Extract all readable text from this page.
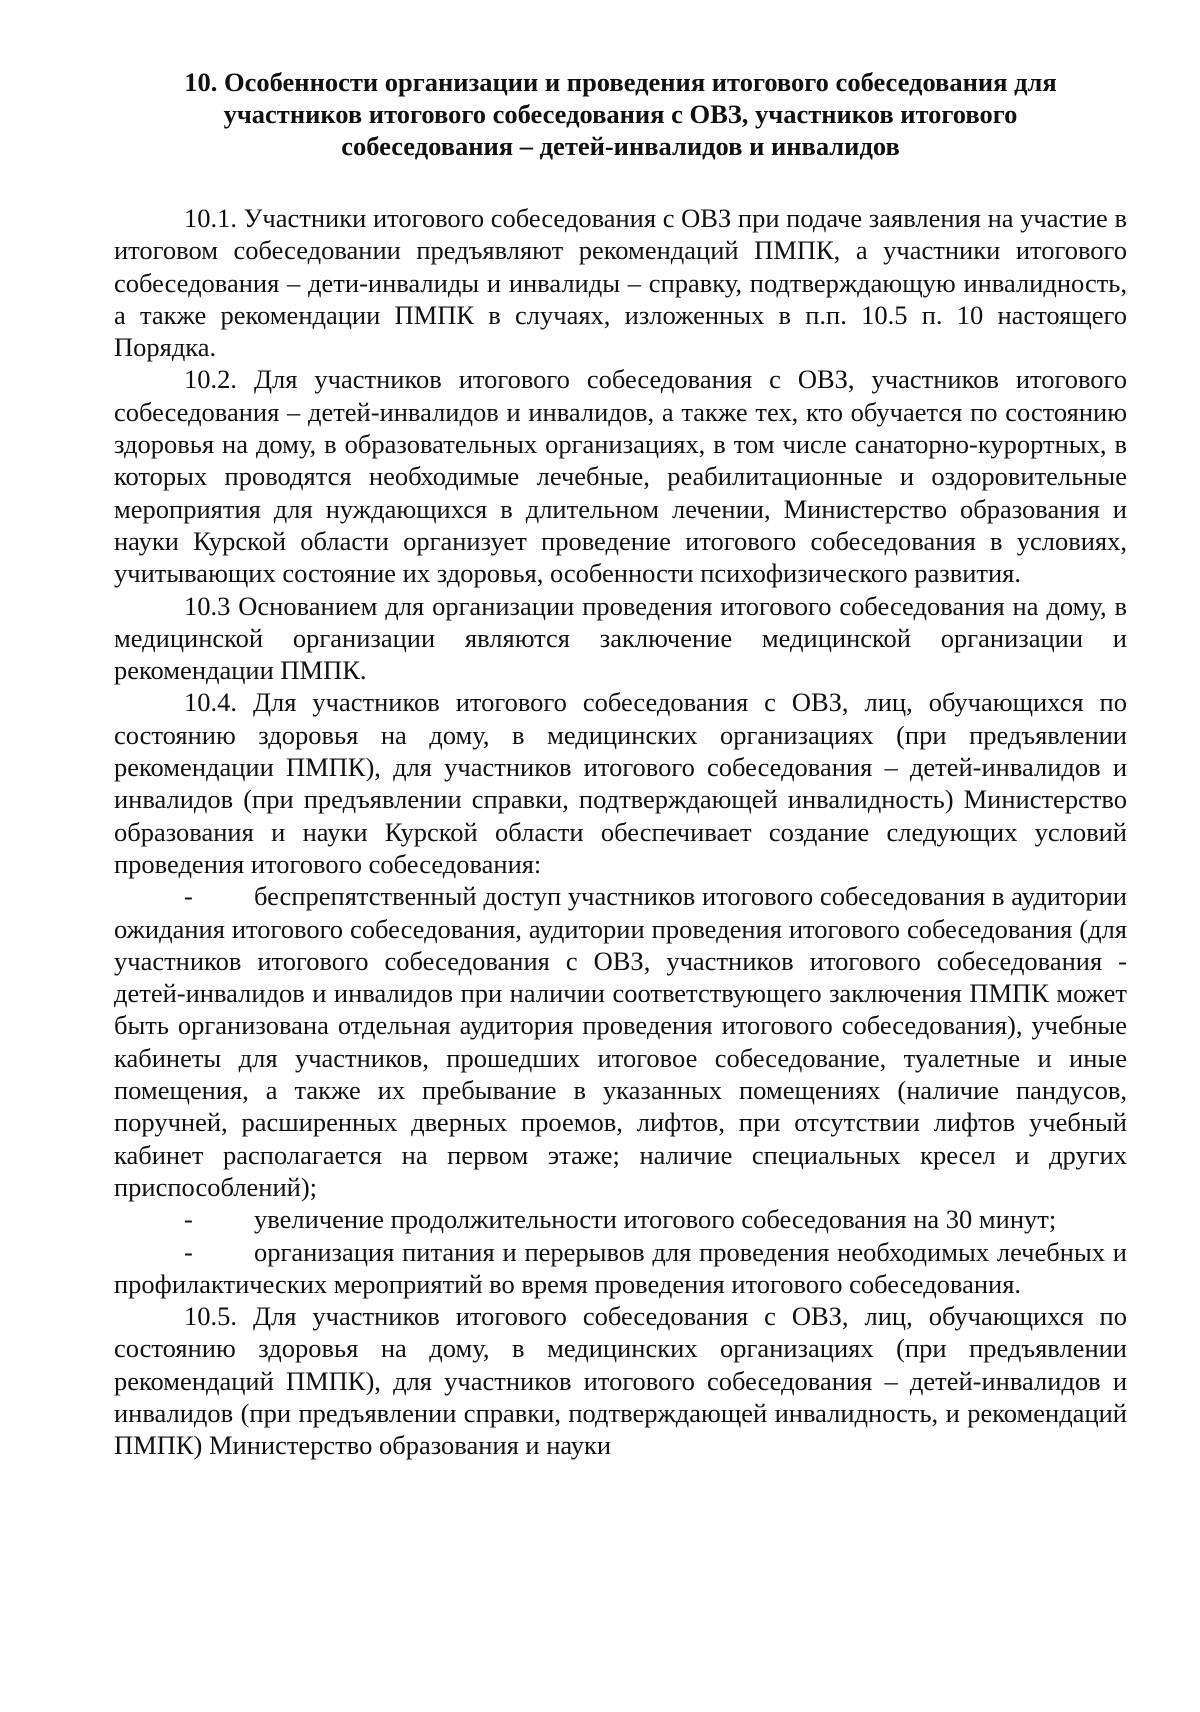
10. Особенности организации и проведения итогового собеседования для
участников итогового собеседования с ОВЗ, участников итогового
собеседования – детей-инвалидов и инвалидов

10.1. Участники итогового собеседования с ОВЗ при подаче заявления на участие в итоговом собеседовании предъявляют рекомендаций ПМПК, а участники итогового собеседования – дети-инвалиды и инвалиды – справку, подтверждающую инвалидность, а также рекомендации ПМПК в случаях, изложенных в п.п. 10.5 п. 10 настоящего Порядка.

10.2. Для участников итогового собеседования с ОВЗ, участников итогового собеседования – детей-инвалидов и инвалидов, а также тех, кто обучается по состоянию здоровья на дому, в образовательных организациях, в том числе санаторно-курортных, в которых проводятся необходимые лечебные, реабилитационные и оздоровительные мероприятия для нуждающихся в длительном лечении, Министерство образования и науки Курской области организует проведение итогового собеседования в условиях, учитывающих состояние их здоровья, особенности психофизического развития.

10.3 Основанием для организации проведения итогового собеседования на дому, в медицинской организации являются заключение медицинской организации и рекомендации ПМПК.

10.4. Для участников итогового собеседования с ОВЗ, лиц, обучающихся по состоянию здоровья на дому, в медицинских организациях (при предъявлении рекомендации ПМПК), для участников итогового собеседования – детей-инвалидов и инвалидов (при предъявлении справки, подтверждающей инвалидность) Министерство образования и науки Курской области обеспечивает создание следующих условий проведения итогового собеседования:

- беспрепятственный доступ участников итогового собеседования в аудитории ожидания итогового собеседования, аудитории проведения итогового собеседования (для участников итогового собеседования с ОВЗ, участников итогового собеседования - детей-инвалидов и инвалидов при наличии соответствующего заключения ПМПК может быть организована отдельная аудитория проведения итогового собеседования), учебные кабинеты для участников, прошедших итоговое собеседование, туалетные и иные помещения, а также их пребывание в указанных помещениях (наличие пандусов, поручней, расширенных дверных проемов, лифтов, при отсутствии лифтов учебный кабинет располагается на первом этаже; наличие специальных кресел и других приспособлений);

- увеличение продолжительности итогового собеседования на 30 минут;

- организация питания и перерывов для проведения необходимых лечебных и профилактических мероприятий во время проведения итогового собеседования.

10.5. Для участников итогового собеседования с ОВЗ, лиц, обучающихся по состоянию здоровья на дому, в медицинских организациях (при предъявлении рекомендаций ПМПК), для участников итогового собеседования – детей-инвалидов и инвалидов (при предъявлении справки, подтверждающей инвалидность, и рекомендаций ПМПК) Министерство образования и науки
